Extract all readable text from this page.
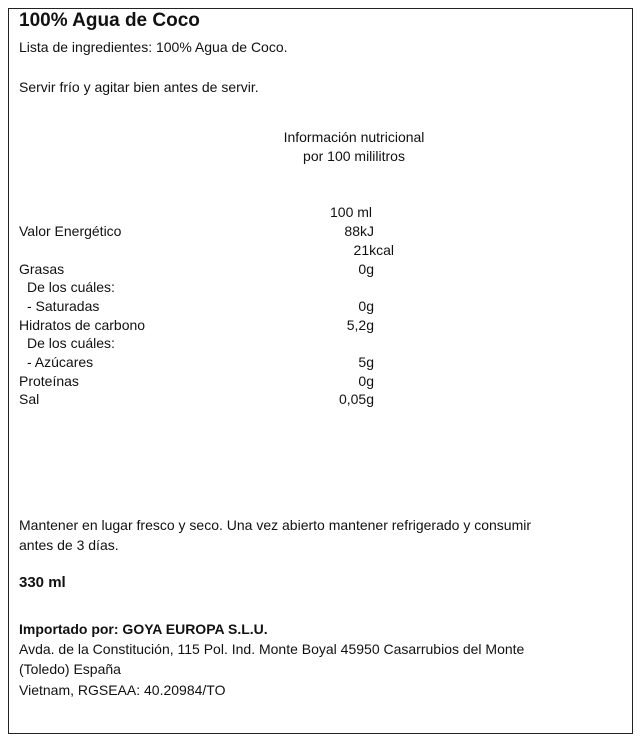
100% Agua de Coco
Lista de ingredientes: 100% Agua de Coco.
Servir frío y agitar bien antes de servir.
Información nutricional
por 100 mililitros
100 ml
Valor Energético	88kJ
21kcal
Grasas	0g
De los cuáles:
- Saturadas	0g
Hidratos de carbono	5,2g
De los cuáles:
- Azúcares	5g
Proteínas	0g
Sal	0,05g
Mantener en lugar fresco y seco. Una vez abierto mantener refrigerado y consumir
antes de 3 días.
330 ml
Importado por: GOYA EUROPA S.L.U.
Avda. de la Constitución, 115 Pol. Ind. Monte Boyal 45950 Casarrubios del Monte
(Toledo) España
Vietnam, RGSEAA: 40.20984/TO
